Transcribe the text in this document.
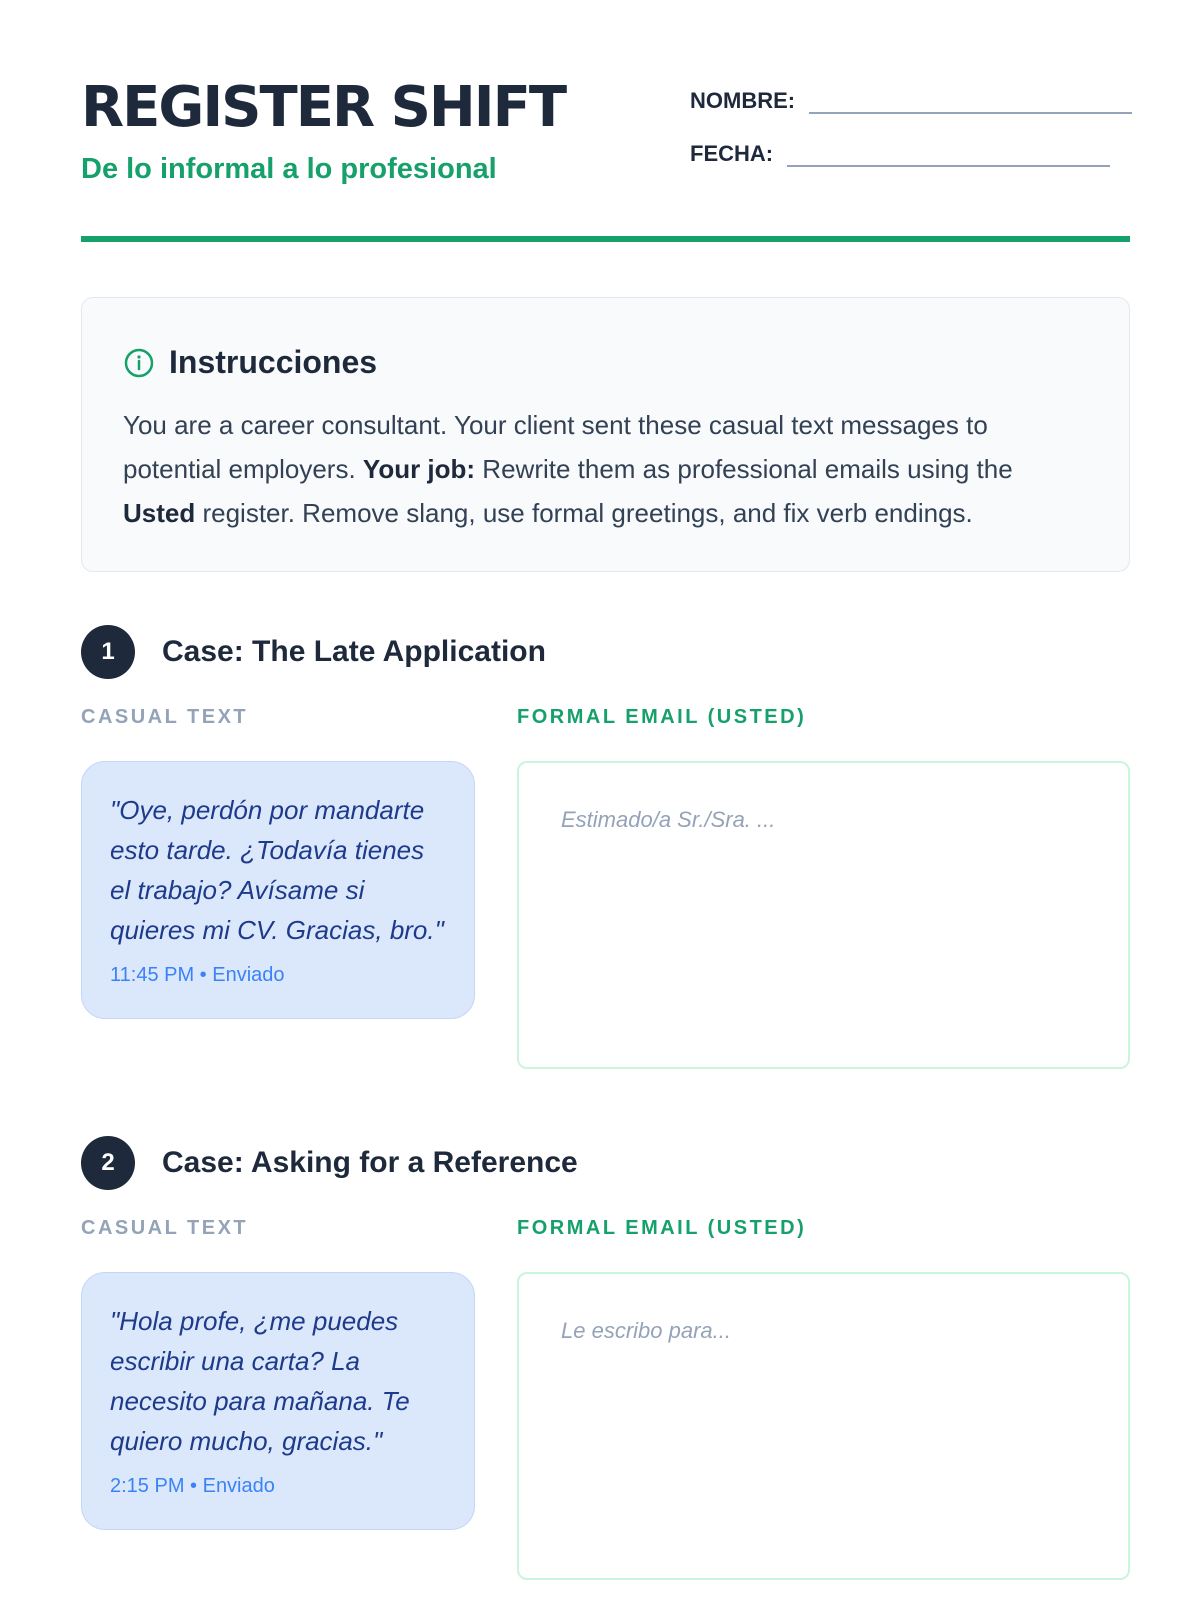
REGISTER SHIFT
De lo informal a lo profesional
NOMBRE:
FECHA:
Instrucciones
You are a career consultant. Your client sent these casual text messages to potential employers. Your job: Rewrite them as professional emails using the Usted register. Remove slang, use formal greetings, and fix verb endings.
1	Case: The Late Application
CASUAL TEXT	FORMAL EMAIL (USTED)
"Oye, perdón por mandarte esto tarde. ¿Todavía tienes el trabajo? Avísame si quieres mi CV. Gracias, bro."
11:45 PM • Enviado
Estimado/a Sr./Sra. ...
2	Case: Asking for a Reference
CASUAL TEXT	FORMAL EMAIL (USTED)
"Hola profe, ¿me puedes escribir una carta? La necesito para mañana. Te quiero mucho, gracias."
2:15 PM • Enviado
Le escribo para...
